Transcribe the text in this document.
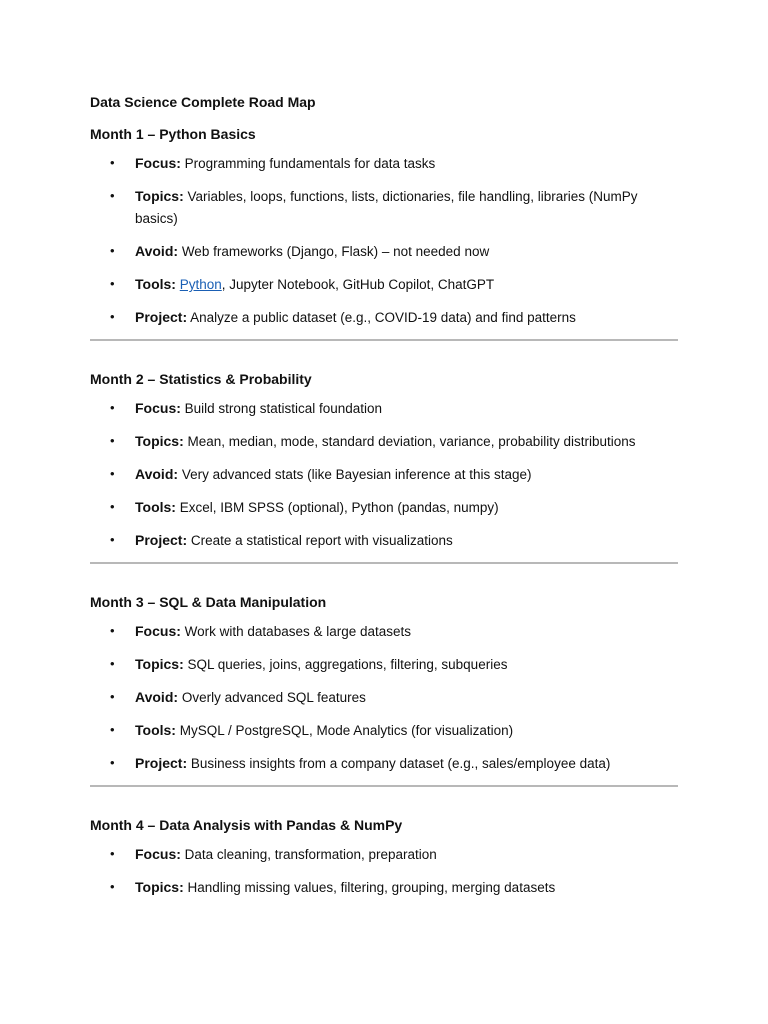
Data Science Complete Road Map
Month 1 – Python Basics
• Focus: Programming fundamentals for data tasks
• Topics: Variables, loops, functions, lists, dictionaries, file handling, libraries (NumPy basics)
• Avoid: Web frameworks (Django, Flask) – not needed now
• Tools: Python, Jupyter Notebook, GitHub Copilot, ChatGPT
• Project: Analyze a public dataset (e.g., COVID-19 data) and find patterns
Month 2 – Statistics & Probability
• Focus: Build strong statistical foundation
• Topics: Mean, median, mode, standard deviation, variance, probability distributions
• Avoid: Very advanced stats (like Bayesian inference at this stage)
• Tools: Excel, IBM SPSS (optional), Python (pandas, numpy)
• Project: Create a statistical report with visualizations
Month 3 – SQL & Data Manipulation
• Focus: Work with databases & large datasets
• Topics: SQL queries, joins, aggregations, filtering, subqueries
• Avoid: Overly advanced SQL features
• Tools: MySQL / PostgreSQL, Mode Analytics (for visualization)
• Project: Business insights from a company dataset (e.g., sales/employee data)
Month 4 – Data Analysis with Pandas & NumPy
• Focus: Data cleaning, transformation, preparation
• Topics: Handling missing values, filtering, grouping, merging datasets
